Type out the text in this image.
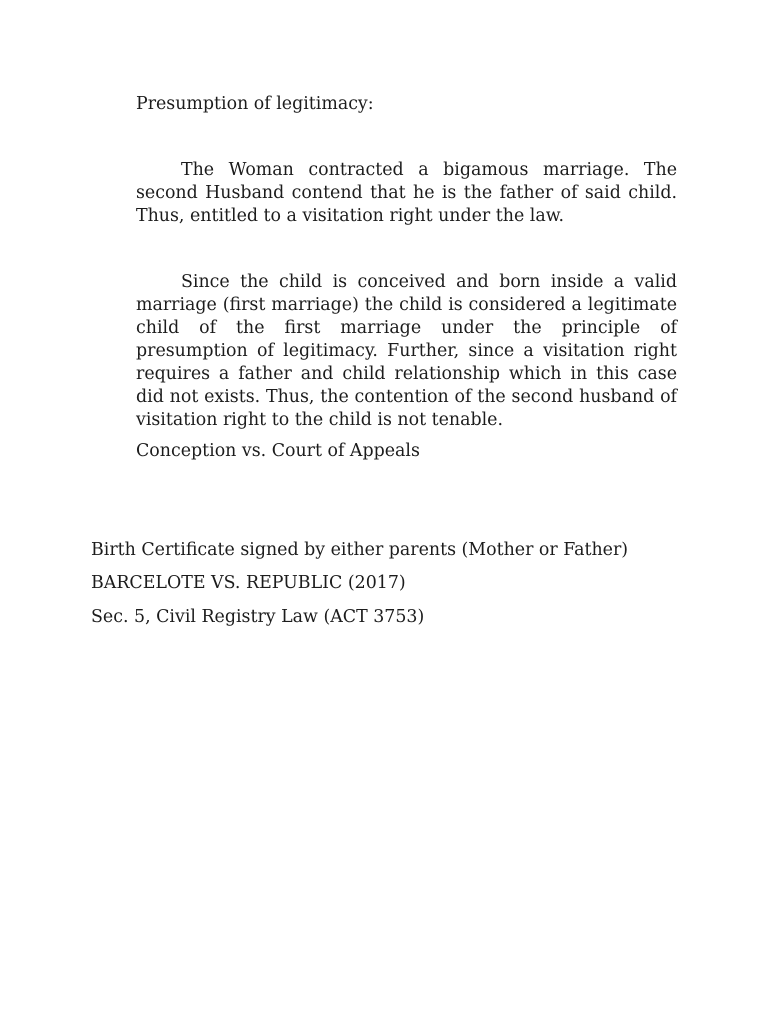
Presumption of legitimacy:

The Woman contracted a bigamous marriage. The second Husband contend that he is the father of said child. Thus, entitled to a visitation right under the law.

Since the child is conceived and born inside a valid marriage (first marriage) the child is considered a legitimate child of the first marriage under the principle of presumption of legitimacy. Further, since a visitation right requires a father and child relationship which in this case did not exists. Thus, the contention of the second husband of visitation right to the child is not tenable.

Conception vs. Court of Appeals

Birth Certificate signed by either parents (Mother or Father)

BARCELOTE VS. REPUBLIC (2017)

Sec. 5, Civil Registry Law (ACT 3753)
